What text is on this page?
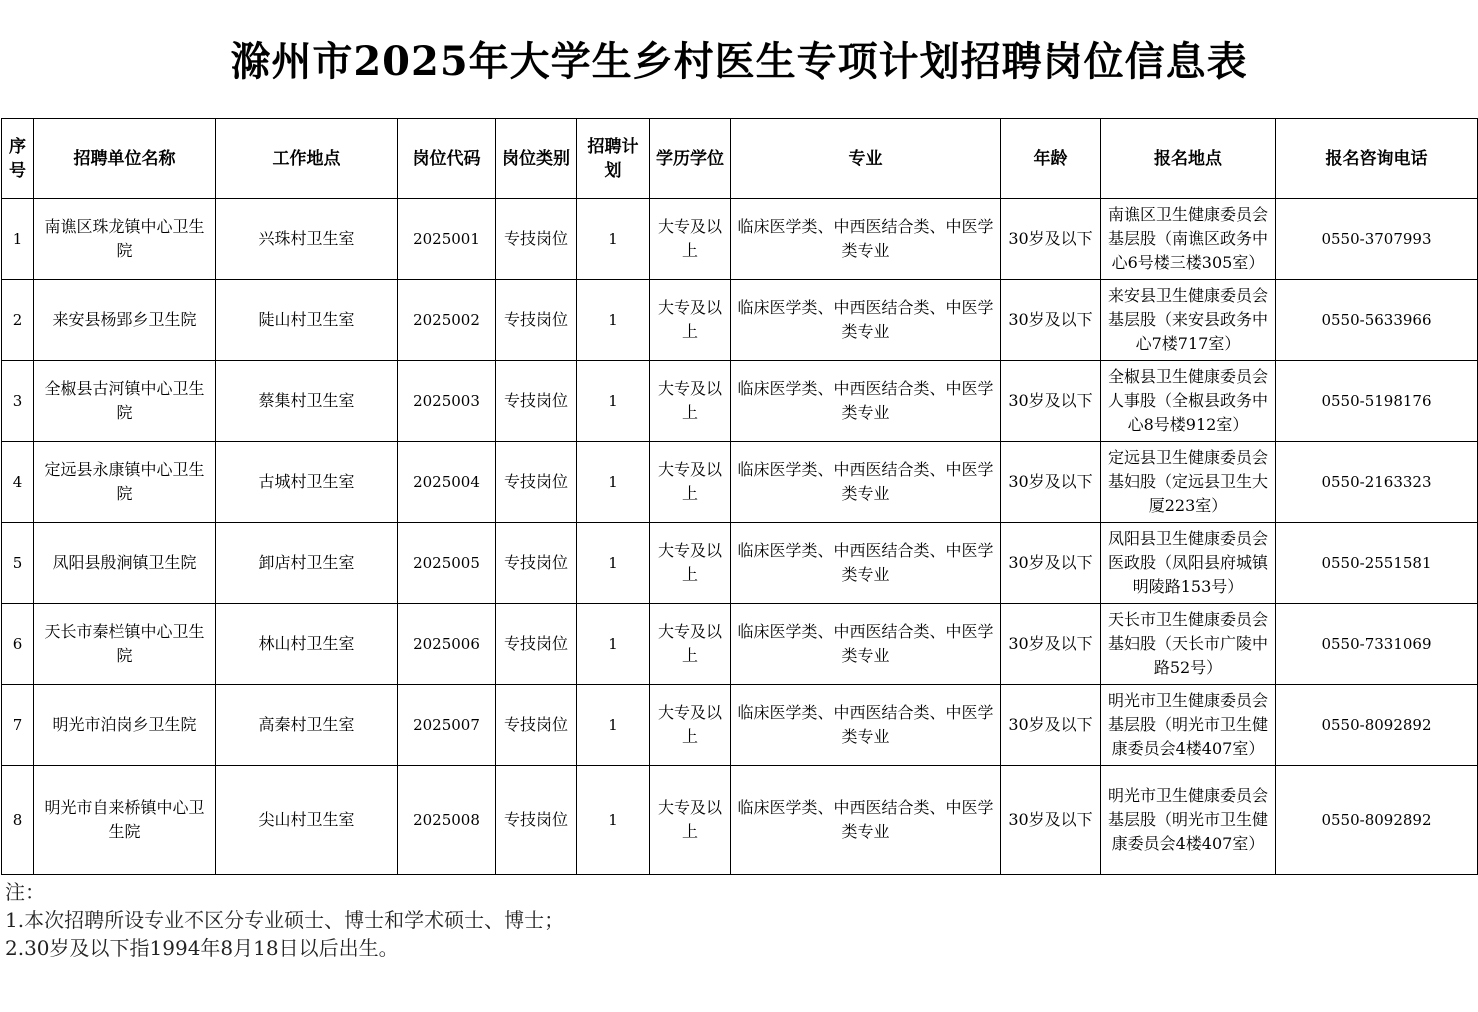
滁州市2025年大学生乡村医生专项计划招聘岗位信息表
序号	招聘单位名称	工作地点	岗位代码	岗位类别	招聘计划	学历学位	专业	年龄	报名地点	报名咨询电话
1	南谯区珠龙镇中心卫生院	兴珠村卫生室	2025001	专技岗位	1	大专及以上	临床医学类、中西医结合类、中医学类专业	30岁及以下	南谯区卫生健康委员会基层股（南谯区政务中心6号楼三楼305室）	0550-3707993
2	来安县杨郢乡卫生院	陡山村卫生室	2025002	专技岗位	1	大专及以上	临床医学类、中西医结合类、中医学类专业	30岁及以下	来安县卫生健康委员会基层股（来安县政务中心7楼717室）	0550-5633966
3	全椒县古河镇中心卫生院	蔡集村卫生室	2025003	专技岗位	1	大专及以上	临床医学类、中西医结合类、中医学类专业	30岁及以下	全椒县卫生健康委员会人事股（全椒县政务中心8号楼912室）	0550-5198176
4	定远县永康镇中心卫生院	古城村卫生室	2025004	专技岗位	1	大专及以上	临床医学类、中西医结合类、中医学类专业	30岁及以下	定远县卫生健康委员会基妇股（定远县卫生大厦223室）	0550-2163323
5	凤阳县殷涧镇卫生院	卸店村卫生室	2025005	专技岗位	1	大专及以上	临床医学类、中西医结合类、中医学类专业	30岁及以下	凤阳县卫生健康委员会医政股（凤阳县府城镇明陵路153号）	0550-2551581
6	天长市秦栏镇中心卫生院	林山村卫生室	2025006	专技岗位	1	大专及以上	临床医学类、中西医结合类、中医学类专业	30岁及以下	天长市卫生健康委员会基妇股（天长市广陵中路52号）	0550-7331069
7	明光市泊岗乡卫生院	高秦村卫生室	2025007	专技岗位	1	大专及以上	临床医学类、中西医结合类、中医学类专业	30岁及以下	明光市卫生健康委员会基层股（明光市卫生健康委员会4楼407室）	0550-8092892
8	明光市自来桥镇中心卫生院	尖山村卫生室	2025008	专技岗位	1	大专及以上	临床医学类、中西医结合类、中医学类专业	30岁及以下	明光市卫生健康委员会基层股（明光市卫生健康委员会4楼407室）	0550-8092892
注：
1.本次招聘所设专业不区分专业硕士、博士和学术硕士、博士；
2.30岁及以下指1994年8月18日以后出生。
